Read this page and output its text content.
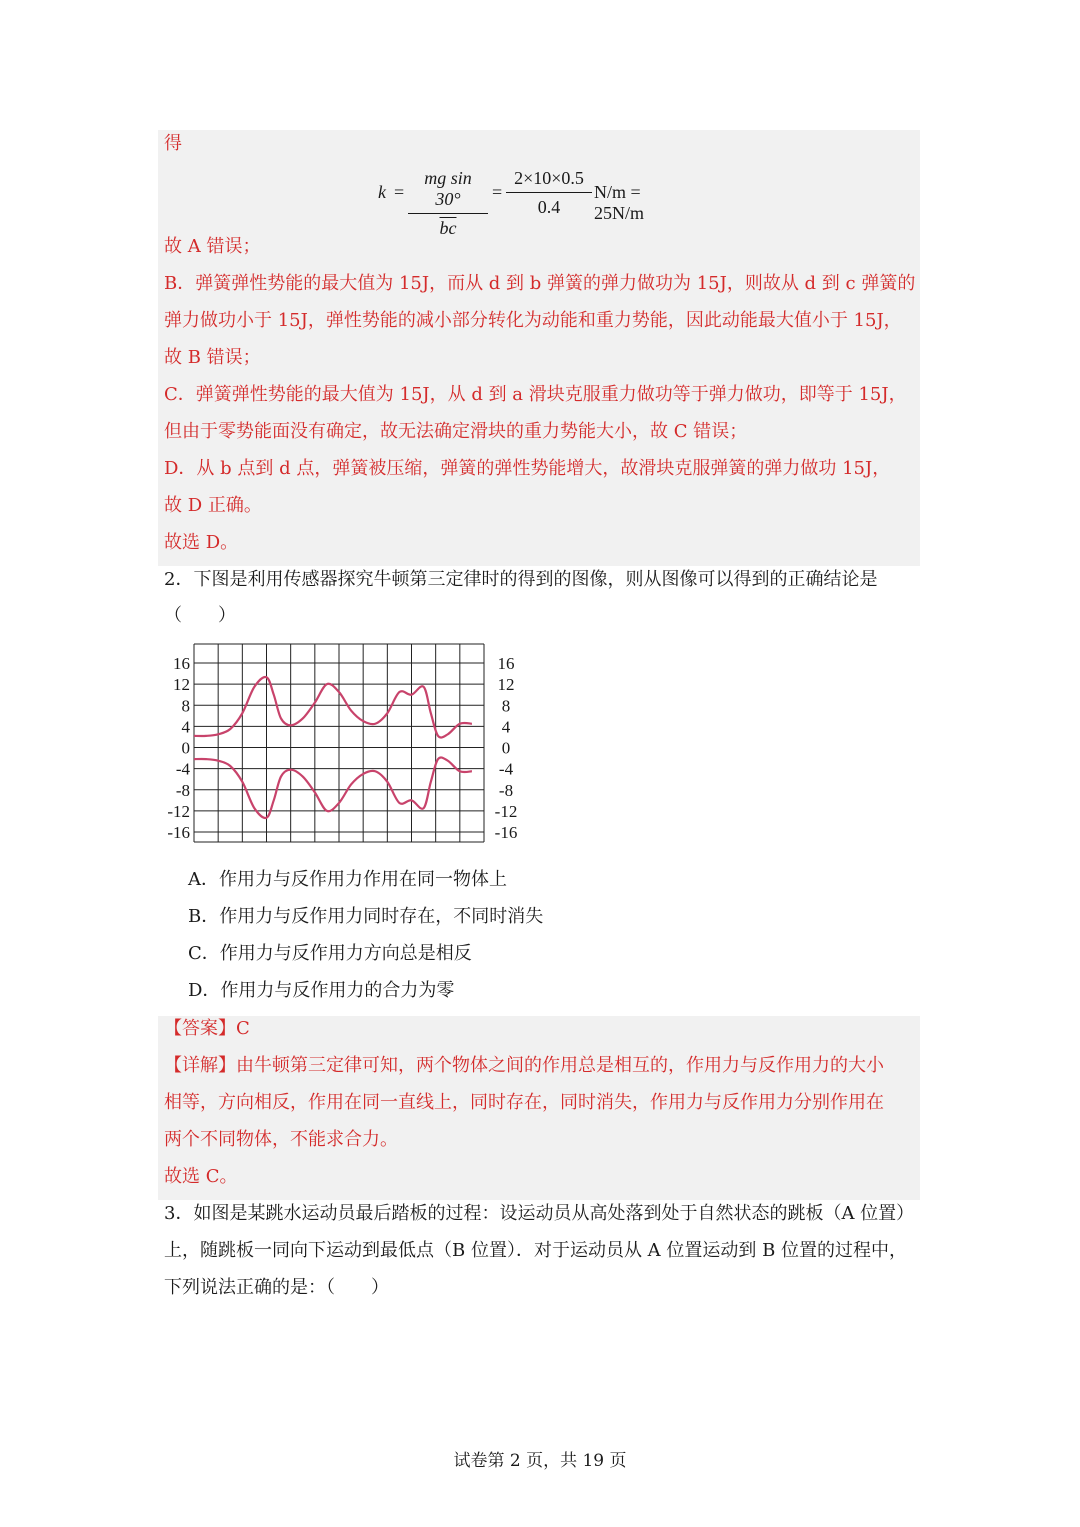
得
$k = \frac{\text{mg sin 30°}}{bc} = \frac{2\times 10\times 0.5}{0.4} N/m = 25N/m$
故 A 错误；
B．弹簧弹性势能的最大值为 15J，而从 d 到 b 弹簧的弹力做功为 15J，则故从 d 到 c 弹簧的
弹力做功小于 15J，弹性势能的减小部分转化为动能和重力势能，因此动能最大值小于 15J，
故 B 错误；
C．弹簧弹性势能的最大值为 15J，从 d 到 a 滑块克服重力做功等于弹力做功，即等于 15J，
但由于零势能面没有确定，故无法确定滑块的重力势能大小，故 C 错误；
D．从 b 点到 d 点，弹簧被压缩，弹簧的弹性势能增大，故滑块克服弹簧的弹力做功 15J，
故 D 正确。
故选 D。
2．下图是利用传感器探究牛顿第三定律时的得到的图像，则从图像可以得到的正确结论是
（　　）
16
12
8
4
0
-4
-8
-12
-16
16
12
8
4
0
-4
-8
-12
-16
A．作用力与反作用力作用在同一物体上
B．作用力与反作用力同时存在，不同时消失
C．作用力与反作用力方向总是相反
D．作用力与反作用力的合力为零
【答案】C
【详解】由牛顿第三定律可知，两个物体之间的作用总是相互的，作用力与反作用力的大小
相等，方向相反，作用在同一直线上，同时存在，同时消失，作用力与反作用力分别作用在
两个不同物体，不能求合力。
故选 C。
3．如图是某跳水运动员最后踏板的过程：设运动员从高处落到处于自然状态的跳板（A 位置）
上，随跳板一同向下运动到最低点（B 位置）．对于运动员从 A 位置运动到 B 位置的过程中，
下列说法正确的是：（　　）
试卷第 2 页，共 19 页
